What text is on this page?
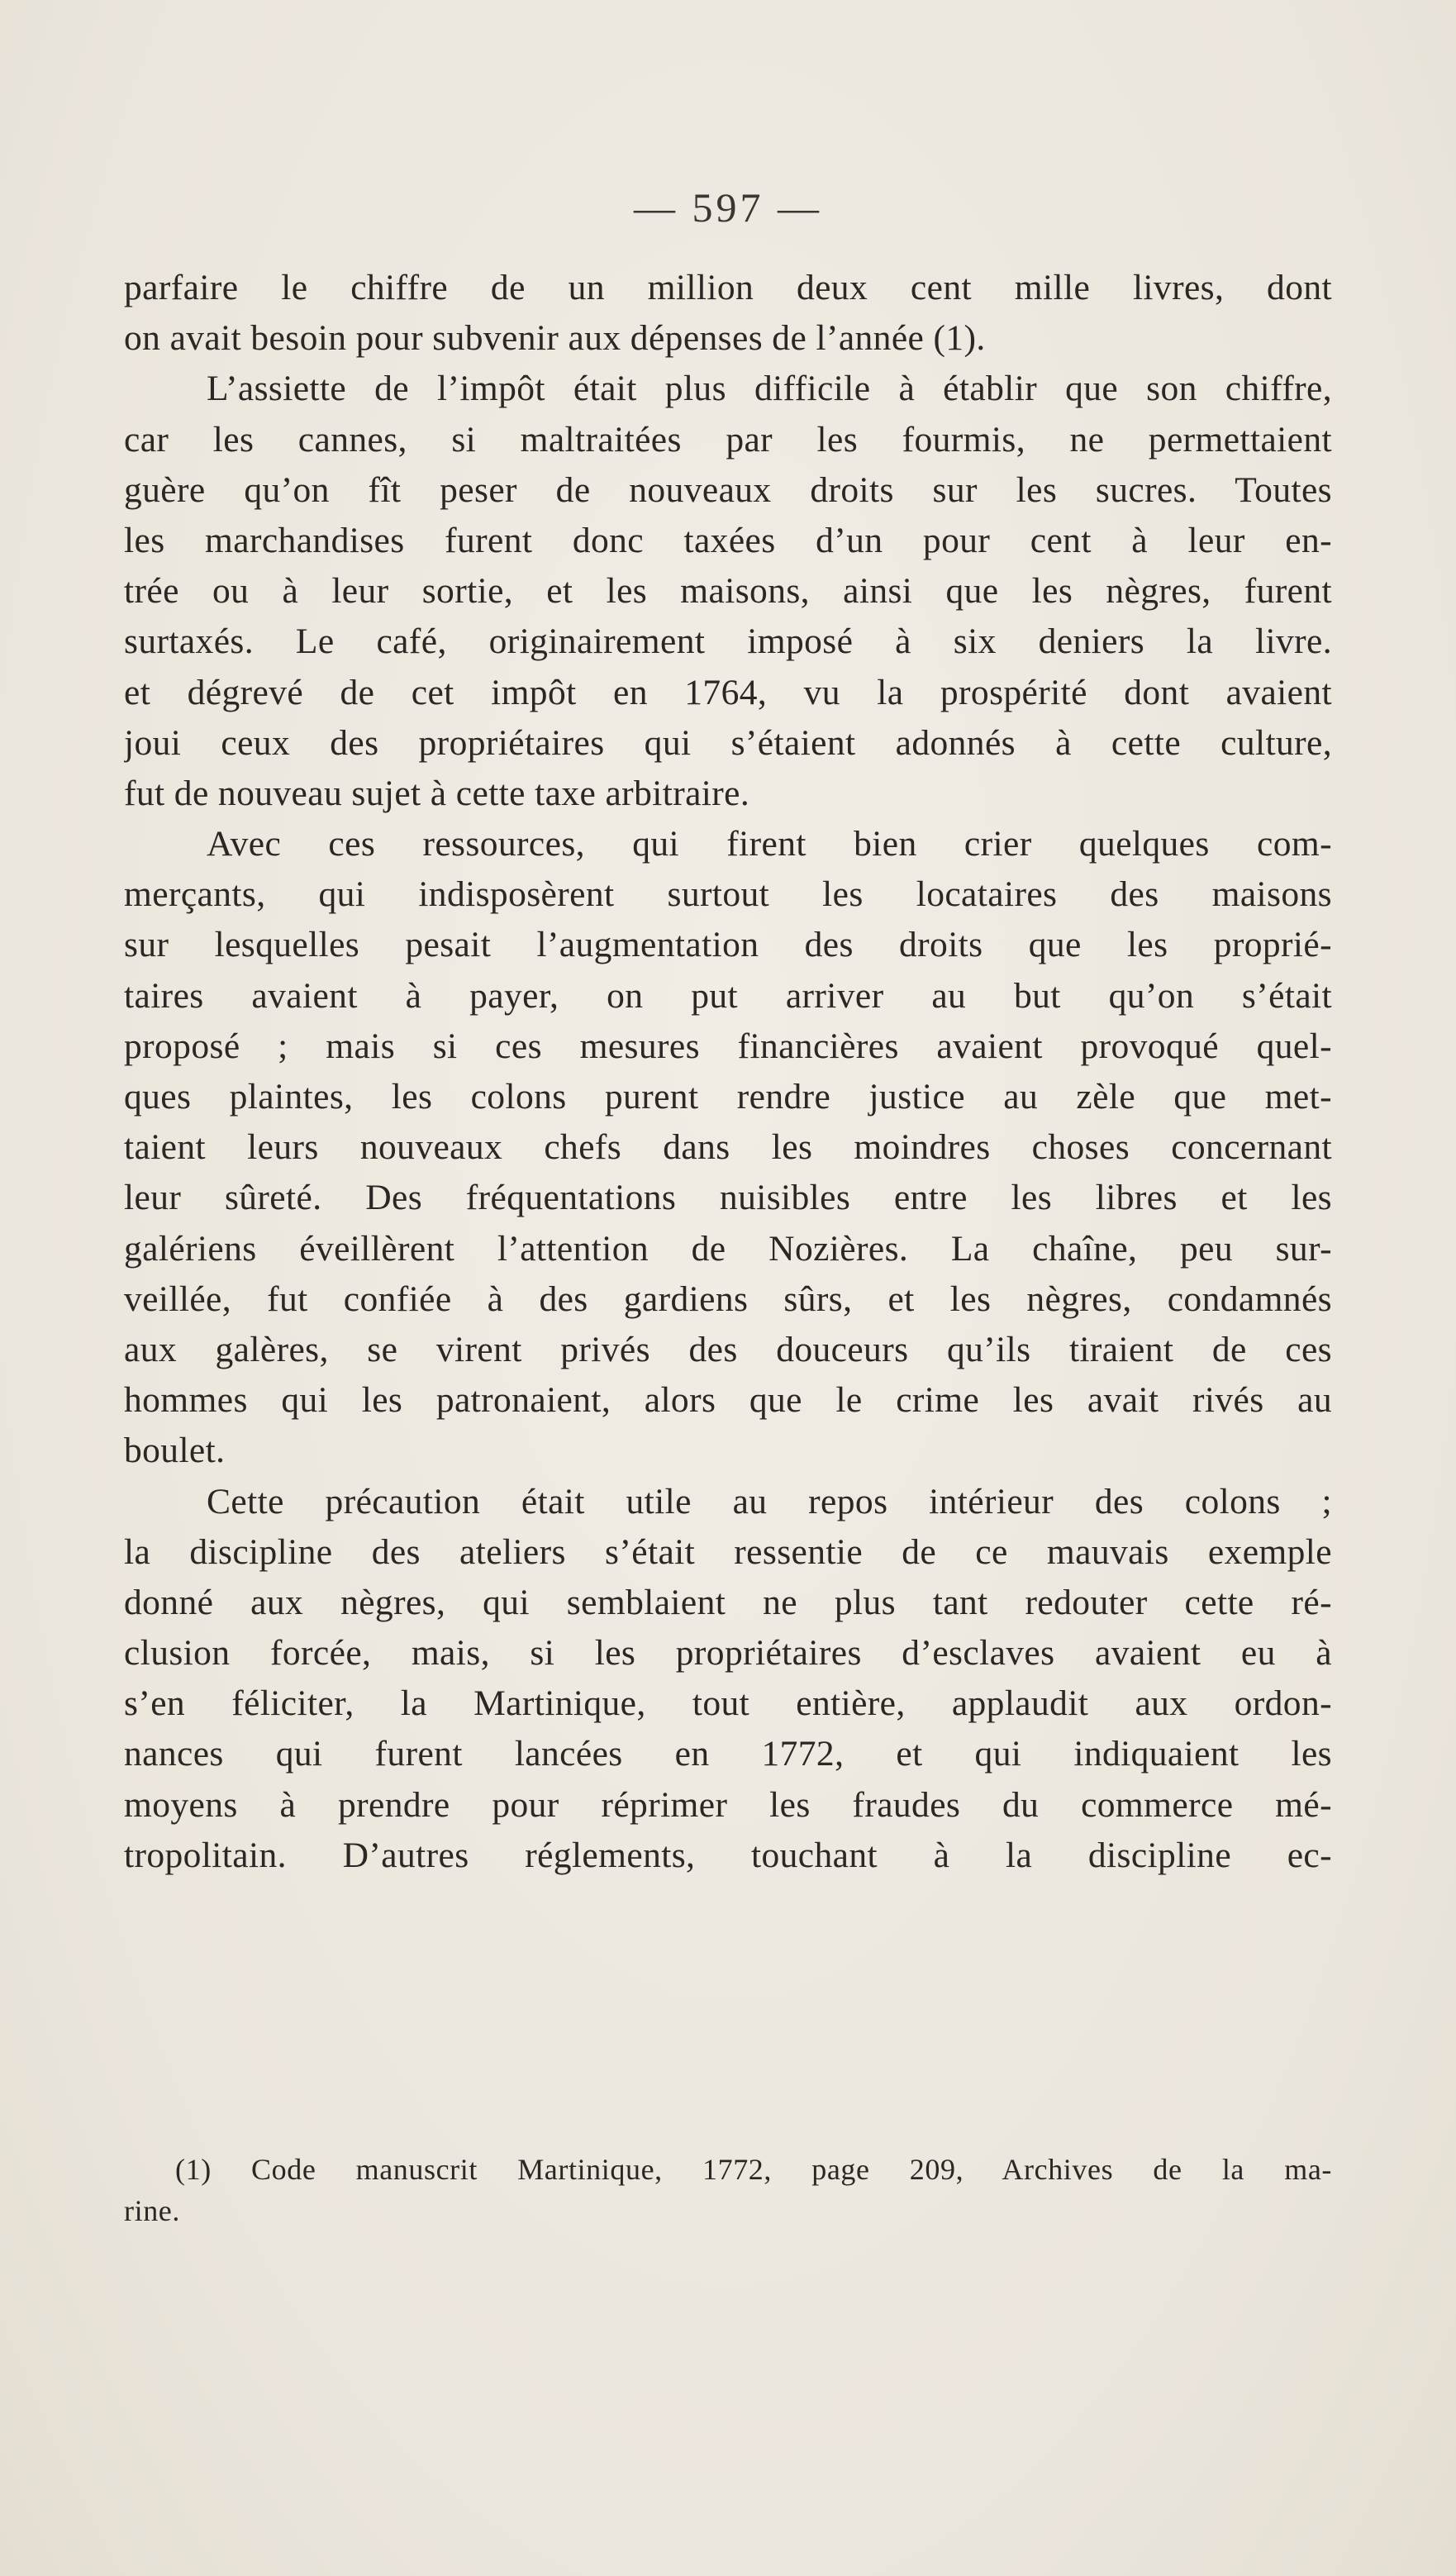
— 597 —
parfaire le chiffre de un million deux cent mille livres, dont
on avait besoin pour subvenir aux dépenses de l’année (1).
L’assiette de l’impôt était plus difficile à établir que son chiffre,
car les cannes, si maltraitées par les fourmis, ne permettaient
guère qu’on fît peser de nouveaux droits sur les sucres. Toutes
les marchandises furent donc taxées d’un pour cent à leur en-
trée ou à leur sortie, et les maisons, ainsi que les nègres, furent
surtaxés. Le café, originairement imposé à six deniers la livre.
et dégrevé de cet impôt en 1764, vu la prospérité dont avaient
joui ceux des propriétaires qui s’étaient adonnés à cette culture,
fut de nouveau sujet à cette taxe arbitraire.
Avec ces ressources, qui firent bien crier quelques com-
merçants, qui indisposèrent surtout les locataires des maisons
sur lesquelles pesait l’augmentation des droits que les proprié-
taires avaient à payer, on put arriver au but qu’on s’était
proposé ; mais si ces mesures financières avaient provoqué quel-
ques plaintes, les colons purent rendre justice au zèle que met-
taient leurs nouveaux chefs dans les moindres choses concernant
leur sûreté. Des fréquentations nuisibles entre les libres et les
galériens éveillèrent l’attention de Nozières. La chaîne, peu sur-
veillée, fut confiée à des gardiens sûrs, et les nègres, condamnés
aux galères, se virent privés des douceurs qu’ils tiraient de ces
hommes qui les patronaient, alors que le crime les avait rivés au
boulet.
Cette précaution était utile au repos intérieur des colons ;
la discipline des ateliers s’était ressentie de ce mauvais exemple
donné aux nègres, qui semblaient ne plus tant redouter cette ré-
clusion forcée, mais, si les propriétaires d’esclaves avaient eu à
s’en féliciter, la Martinique, tout entière, applaudit aux ordon-
nances qui furent lancées en 1772, et qui indiquaient les
moyens à prendre pour réprimer les fraudes du commerce mé-
tropolitain. D’autres réglements, touchant à la discipline ec-
(1) Code manuscrit Martinique, 1772, page 209, Archives de la ma-
rine.
